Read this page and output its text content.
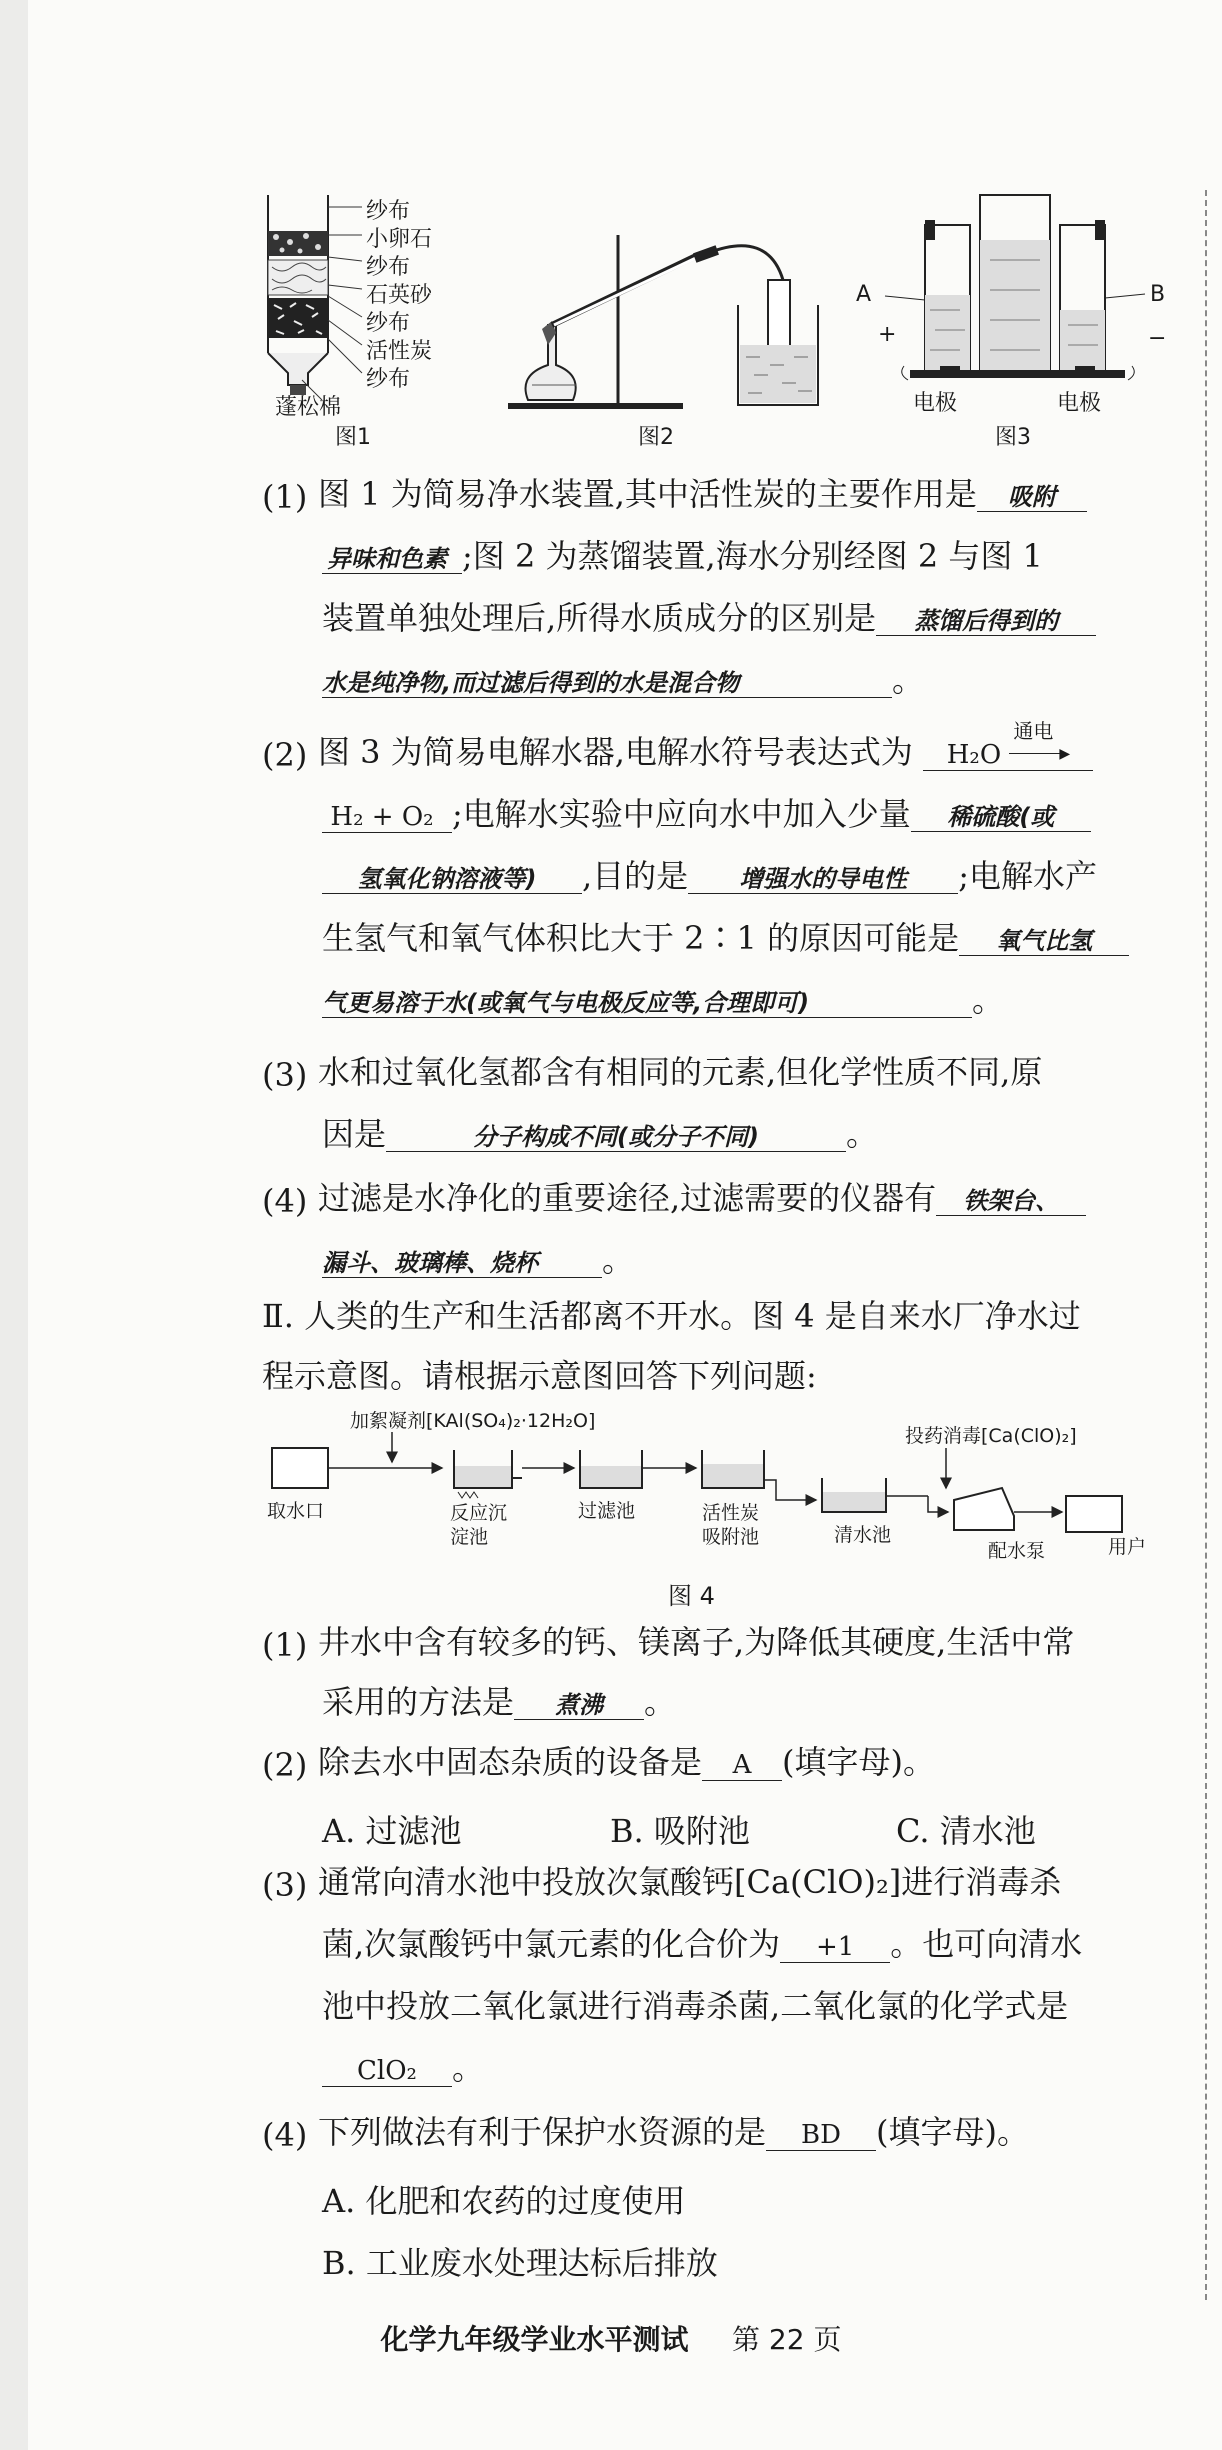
纱布
小卵石
纱布
石英砂
纱布
活性炭
纱布
蓬松棉
图1	图2
A	B
+	−
电极	电极
图3
(1) 图 1 为简易净水装置,其中活性炭的主要作用是 吸附
异味和色素 ;图 2 为蒸馏装置,海水分别经图 2 与图 1
装置单独处理后,所得水质成分的区别是 蒸馏后得到的
水是纯净物,而过滤后得到的水是混合物	。
(2) 图 3 为简易电解水器,电解水符号表达式为 H₂O
通电
▶
H₂ + O₂ ;电解水实验中应向水中加入少量 稀硫酸(或
氢氧化钠溶液等) ,目的是 增强水的导电性 ;电解水产
生氢气和氧气体积比大于 2∶1 的原因可能是 氧气比氢
气更易溶于水(或氧气与电极反应等,合理即可)	。
(3) 水和过氧化氢都含有相同的元素,但化学性质不同,原
因是	分子构成不同(或分子不同)	。
(4) 过滤是水净化的重要途径,过滤需要的仪器有 铁架台、
漏斗、玻璃棒、烧杯 。
Ⅱ. 人类的生产和生活都离不开水。图 4 是自来水厂净水过
程示意图。请根据示意图回答下列问题:
加絮凝剂[KAl(SO₄)₂·12H₂O]
投药消毒[Ca(ClO)₂]
取水口	反应沉淀池
过滤池	活性炭吸附池	清水池
配水泵	用户
图 4
(1) 井水中含有较多的钙、镁离子,为降低其硬度,生活中常
采用的方法是 煮沸 。
(2) 除去水中固态杂质的设备是 A (填字母)。
A. 过滤池	B. 吸附池	C. 清水池
(3) 通常向清水池中投放次氯酸钙[Ca(ClO)₂]进行消毒杀
菌,次氯酸钙中氯元素的化合价为 +1 。也可向清水
池中投放二氧化氯进行消毒杀菌,二氧化氯的化学式是
ClO₂ 。
(4) 下列做法有利于保护水资源的是 BD (填字母)。
A. 化肥和农药的过度使用
B. 工业废水处理达标后排放
化学九年级学业水平测试 第 22 页
